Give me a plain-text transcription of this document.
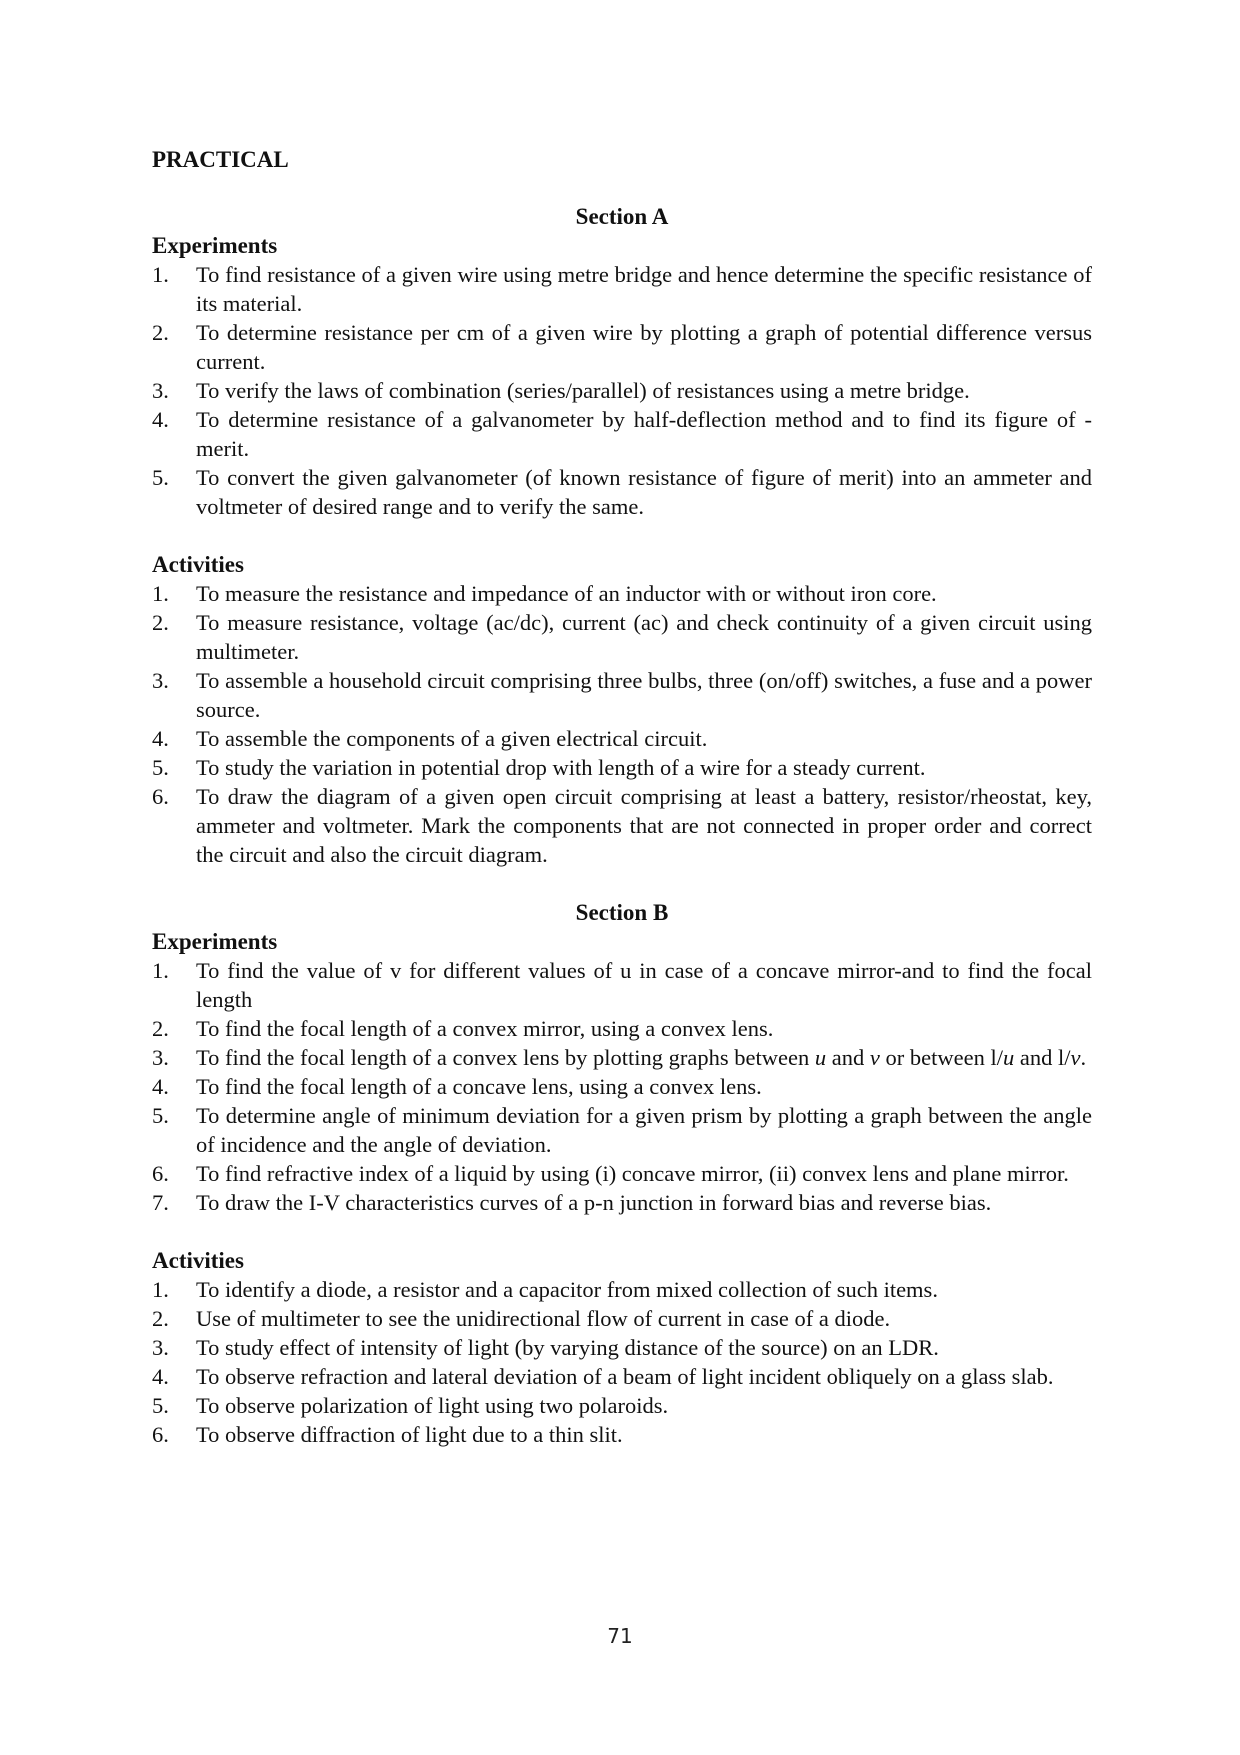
PRACTICAL
Section A
Experiments
1. To find resistance of a given wire using metre bridge and hence determine the specific resistance of its material.
2. To determine resistance per cm of a given wire by plotting a graph of potential difference versus current.
3. To verify the laws of combination (series/parallel) of resistances using a metre bridge.
4. To determine resistance of a galvanometer by half-deflection method and to find its figure of - merit.
5. To convert the given galvanometer (of known resistance of figure of merit) into an ammeter and voltmeter of desired range and to verify the same.
Activities
1. To measure the resistance and impedance of an inductor with or without iron core.
2. To measure resistance, voltage (ac/dc), current (ac) and check continuity of a given circuit using multimeter.
3. To assemble a household circuit comprising three bulbs, three (on/off) switches, a fuse and a power source.
4. To assemble the components of a given electrical circuit.
5. To study the variation in potential drop with length of a wire for a steady current.
6. To draw the diagram of a given open circuit comprising at least a battery, resistor/rheostat, key, ammeter and voltmeter. Mark the components that are not connected in proper order and correct the circuit and also the circuit diagram.
Section B
Experiments
1. To find the value of v for different values of u in case of a concave mirror-and to find the focal length
2. To find the focal length of a convex mirror, using a convex lens.
3. To find the focal length of a convex lens by plotting graphs between u and v or between l/u and l/v.
4. To find the focal length of a concave lens, using a convex lens.
5. To determine angle of minimum deviation for a given prism by plotting a graph between the angle of incidence and the angle of deviation.
6. To find refractive index of a liquid by using (i) concave mirror, (ii) convex lens and plane mirror.
7. To draw the I-V characteristics curves of a p-n junction in forward bias and reverse bias.
Activities
1. To identify a diode, a resistor and a capacitor from mixed collection of such items.
2. Use of multimeter to see the unidirectional flow of current in case of a diode.
3. To study effect of intensity of light (by varying distance of the source) on an LDR.
4. To observe refraction and lateral deviation of a beam of light incident obliquely on a glass slab.
5. To observe polarization of light using two polaroids.
6. To observe diffraction of light due to a thin slit.
71
